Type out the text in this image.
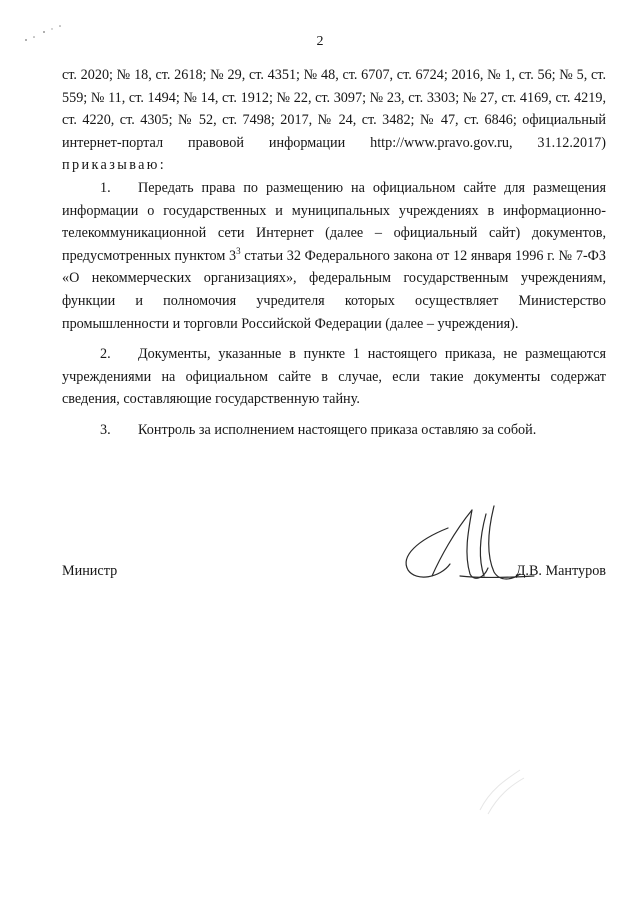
2

ст. 2020; № 18, ст. 2618; № 29, ст. 4351; № 48, ст. 6707, ст. 6724; 2016, № 1, ст. 56; № 5, ст. 559; № 11, ст. 1494; № 14, ст. 1912; № 22, ст. 3097; № 23, ст. 3303; № 27, ст. 4169, ст. 4219, ст. 4220, ст. 4305; № 52, ст. 7498; 2017, № 24, ст. 3482; № 47, ст. 6846; официальный интернет-портал правовой информации http://www.pravo.gov.ru, 31.12.2017) приказываю:

1. Передать права по размещению на официальном сайте для размещения информации о государственных и муниципальных учреждениях в информационно-телекоммуникационной сети Интернет (далее – официальный сайт) документов, предусмотренных пунктом $3^3$ статьи 32 Федерального закона от 12 января 1996 г. № 7-ФЗ «О некоммерческих организациях», федеральным государственным учреждениям, функции и полномочия учредителя которых осуществляет Министерство промышленности и торговли Российской Федерации (далее – учреждения).

2. Документы, указанные в пункте 1 настоящего приказа, не размещаются учреждениями на официальном сайте в случае, если такие документы содержат сведения, составляющие государственную тайну.

3. Контроль за исполнением настоящего приказа оставляю за собой.

Министр	Д.В. Мантуров
